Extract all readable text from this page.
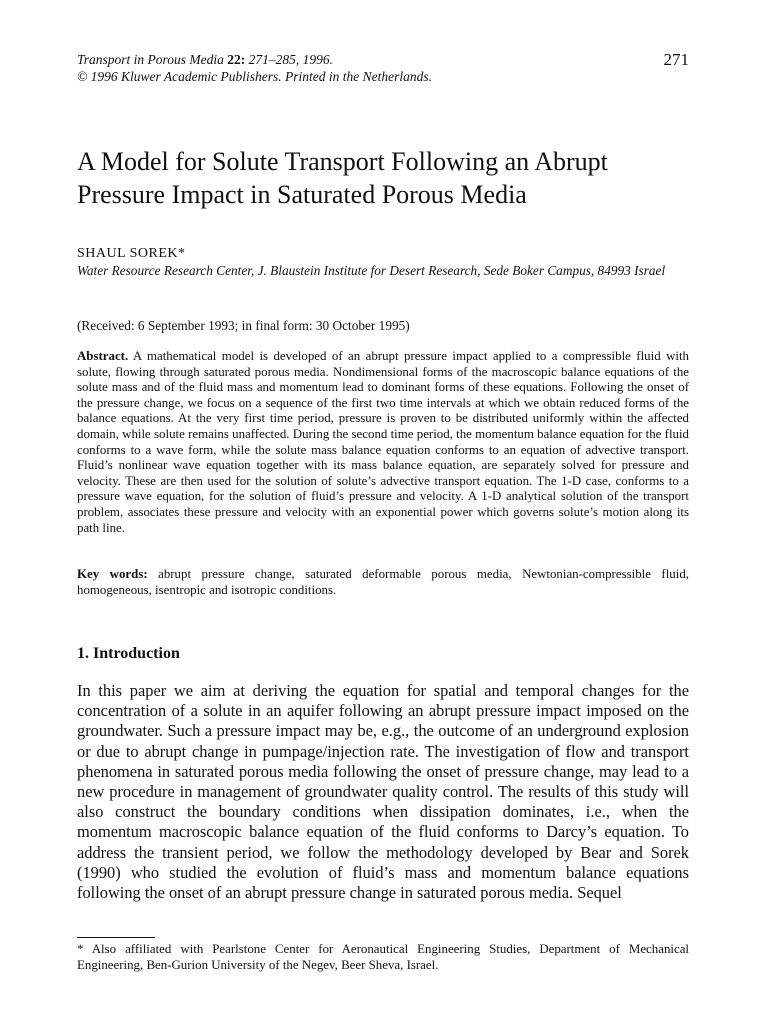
Transport in Porous Media 22: 271–285, 1996.
© 1996 Kluwer Academic Publishers. Printed in the Netherlands.
271
A Model for Solute Transport Following an Abrupt Pressure Impact in Saturated Porous Media
SHAUL SOREK*
Water Resource Research Center, J. Blaustein Institute for Desert Research, Sede Boker Campus, 84993 Israel
(Received: 6 September 1993; in final form: 30 October 1995)

Abstract. A mathematical model is developed of an abrupt pressure impact applied to a compressible fluid with solute, flowing through saturated porous media. Nondimensional forms of the macroscopic balance equations of the solute mass and of the fluid mass and momentum lead to dominant forms of these equations. Following the onset of the pressure change, we focus on a sequence of the first two time intervals at which we obtain reduced forms of the balance equations. At the very first time period, pressure is proven to be distributed uniformly within the affected domain, while solute remains unaffected. During the second time period, the momentum balance equation for the fluid conforms to a wave form, while the solute mass balance equation conforms to an equation of advective transport. Fluid’s nonlinear wave equation together with its mass balance equation, are separately solved for pressure and velocity. These are then used for the solution of solute’s advective transport equation. The 1-D case, conforms to a pressure wave equation, for the solution of fluid’s pressure and velocity. A 1-D analytical solution of the transport problem, associates these pressure and velocity with an exponential power which governs solute’s motion along its path line.

Key words: abrupt pressure change, saturated deformable porous media, Newtonian-compressible fluid, homogeneous, isentropic and isotropic conditions.

1. Introduction

In this paper we aim at deriving the equation for spatial and temporal changes for the concentration of a solute in an aquifer following an abrupt pressure impact imposed on the groundwater. Such a pressure impact may be, e.g., the outcome of an underground explosion or due to abrupt change in pumpage/injection rate. The investigation of flow and transport phenomena in saturated porous media following the onset of pressure change, may lead to a new procedure in management of groundwater quality control. The results of this study will also construct the boundary conditions when dissipation dominates, i.e., when the momentum macroscopic balance equation of the fluid conforms to Darcy’s equation. To address the transient period, we follow the methodology developed by Bear and Sorek (1990) who studied the evolution of fluid’s mass and momentum balance equations following the onset of an abrupt pressure change in saturated porous media. Sequel

* Also affiliated with Pearlstone Center for Aeronautical Engineering Studies, Department of Mechanical Engineering, Ben-Gurion University of the Negev, Beer Sheva, Israel.
